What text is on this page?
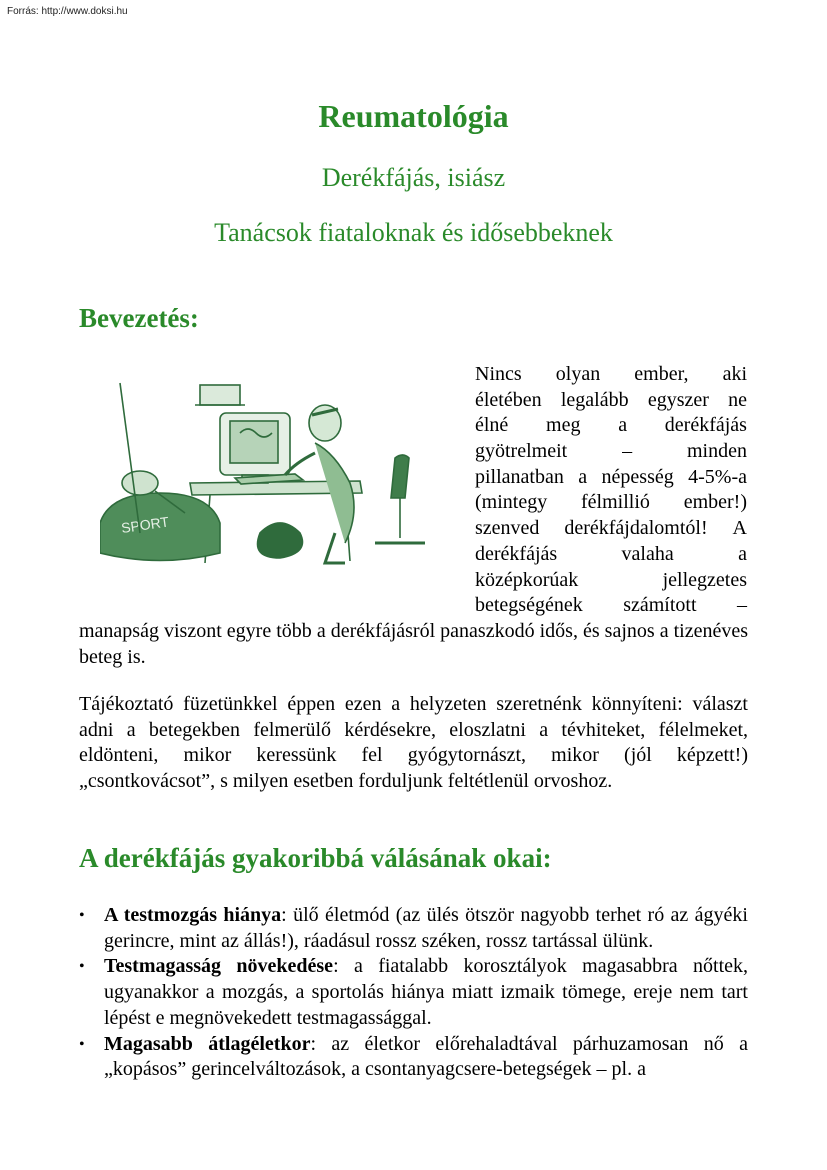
Forrás: http://www.doksi.hu
Reumatológia
Derékfájás, isiász
Tanácsok fiataloknak és idősebbeknek
Bevezetés:
SPORT
Nincs olyan ember, aki
életében legalább egyszer ne
élné meg a derékfájás
gyötrelmeit	–	minden
pillanatban a népesség 4-5%-a
(mintegy félmillió ember!)
szenved derékfájdalomtól! A
derékfájás	valaha	a
középkorúak	jellegzetes
betegségének számított –
manapság viszont egyre több a derékfájásról panaszkodó idős, és sajnos a tizenéves beteg is.
Tájékoztató füzetünkkel éppen ezen a helyzeten szeretnénk könnyíteni: választ adni a betegekben felmerülő kérdésekre, eloszlatni a tévhiteket, félelmeket, eldönteni, mikor keressünk fel gyógytornászt, mikor (jól képzett!) „csontkovácsot”, s milyen esetben forduljunk feltétlenül orvoshoz.
A derékfájás gyakoribbá válásának okai:
• A testmozgás hiánya: ülő életmód (az ülés ötször nagyobb terhet ró az ágyéki gerincre, mint az állás!), ráadásul rossz széken, rossz tartással ülünk.
• Testmagasság növekedése: a fiatalabb korosztályok magasabbra nőttek, ugyanakkor a mozgás, a sportolás hiánya miatt izmaik tömege, ereje nem tart lépést e megnövekedett testmagassággal.
• Magasabb átlagéletkor: az életkor előrehaladtával párhuzamosan nő a „kopásos” gerincelváltozások, a csontanyagcsere-betegségek – pl. a
